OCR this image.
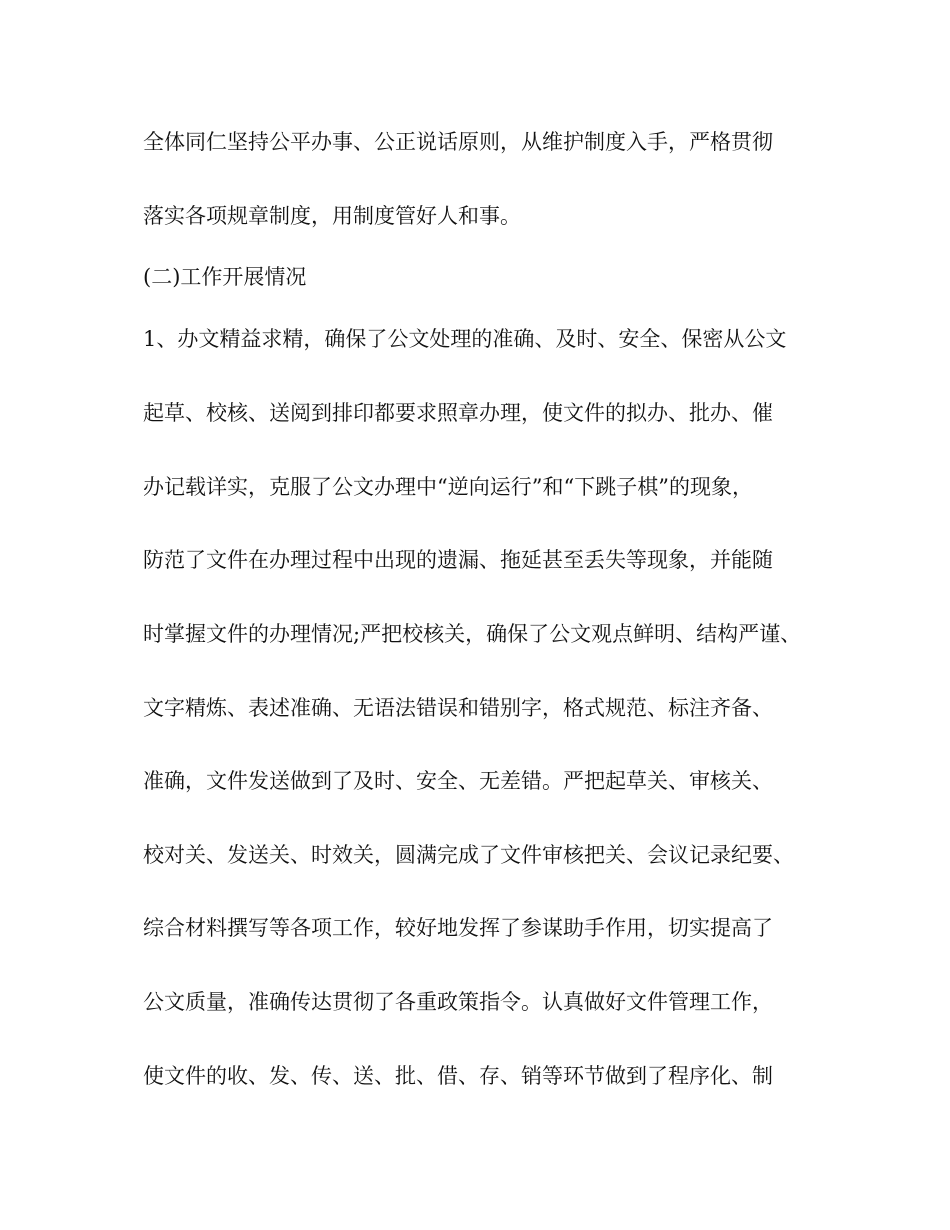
全体同仁坚持公平办事、公正说话原则，从维护制度入手，严格贯彻
落实各项规章制度，用制度管好人和事。
(二)工作开展情况
1、办文精益求精，确保了公文处理的准确、及时、安全、保密从公文
起草、校核、送阅到排印都要求照章办理，使文件的拟办、批办、催
办记载详实，克服了公文办理中“逆向运行”和“下跳子棋”的现象，
防范了文件在办理过程中出现的遗漏、拖延甚至丢失等现象，并能随
时掌握文件的办理情况;严把校核关，确保了公文观点鲜明、结构严谨、
文字精炼、表述准确、无语法错误和错别字，格式规范、标注齐备、
准确，文件发送做到了及时、安全、无差错。严把起草关、审核关、
校对关、发送关、时效关，圆满完成了文件审核把关、会议记录纪要、
综合材料撰写等各项工作，较好地发挥了参谋助手作用，切实提高了
公文质量，准确传达贯彻了各重政策指令。认真做好文件管理工作，
使文件的收、发、传、送、批、借、存、销等环节做到了程序化、制
